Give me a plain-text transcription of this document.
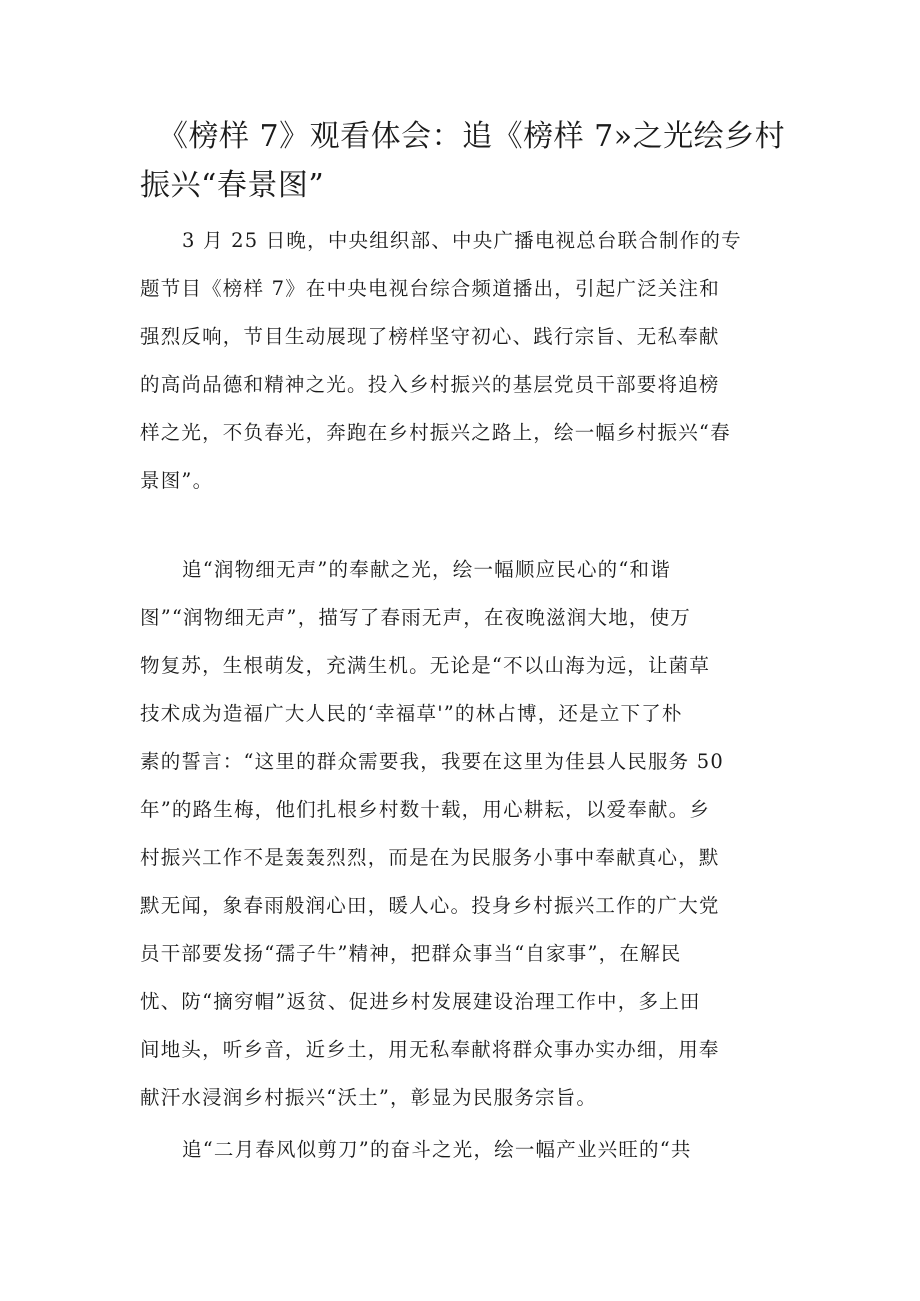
《榜样 7》观看体会：追《榜样 7»之光绘乡村
振兴“春景图”
3 月 25 日晚，中央组织部、中央广播电视总台联合制作的专
题节目《榜样 7》在中央电视台综合频道播出，引起广泛关注和
强烈反响，节目生动展现了榜样坚守初心、践行宗旨、无私奉献
的高尚品德和精神之光。投入乡村振兴的基层党员干部要将追榜
样之光，不负春光，奔跑在乡村振兴之路上，绘一幅乡村振兴“春
景图”。
追“润物细无声”的奉献之光，绘一幅顺应民心的“和谐
图”“润物细无声”，描写了春雨无声，在夜晚滋润大地，使万
物复苏，生根萌发，充满生机。无论是“不以山海为远，让菌草
技术成为造福广大人民的‘幸福草'”的林占博，还是立下了朴
素的誓言：“这里的群众需要我，我要在这里为佳县人民服务 50
年”的路生梅，他们扎根乡村数十载，用心耕耘，以爱奉献。乡
村振兴工作不是轰轰烈烈，而是在为民服务小事中奉献真心，默
默无闻，象春雨般润心田，暖人心。投身乡村振兴工作的广大党
员干部要发扬“孺子牛”精神，把群众事当“自家事”，在解民
忧、防“摘穷帽”返贫、促进乡村发展建设治理工作中，多上田
间地头，听乡音，近乡土，用无私奉献将群众事办实办细，用奉
献汗水浸润乡村振兴“沃土”，彰显为民服务宗旨。
追“二月春风似剪刀”的奋斗之光，绘一幅产业兴旺的“共
